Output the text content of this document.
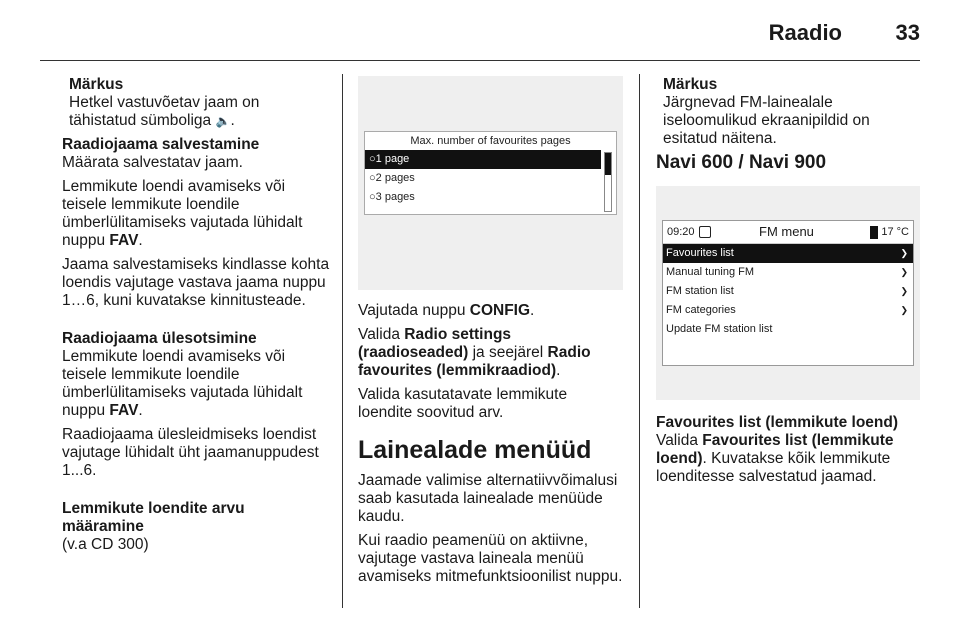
Raadio 33
Märkus

Hetkel vastuvõetav jaam on tähistatud sümboliga 🔈.

Raadiojaama salvestamine

Määrata salvestatav jaam.

Lemmikute loendi avamiseks või teisele lemmikute loendile ümberlülitamiseks vajutada lühidalt nuppu FAV.

Jaama salvestamiseks kindlasse kohta loendis vajutage vastava jaama nuppu 1…6, kuni kuvatakse kinnitusteade.

Raadiojaama ülesotsimine

Lemmikute loendi avamiseks või teisele lemmikute loendile ümberlülitamiseks vajutada lühidalt nuppu FAV.

Raadiojaama ülesleidmiseks loendist vajutage lühidalt üht jaamanuppudest 1...6.

Lemmikute loendite arvu määramine

(v.a CD 300)

Max. number of favourites pages
○1 page
○2 pages
○3 pages

Vajutada nuppu CONFIG.

Valida Radio settings (raadioseaded) ja seejärel Radio favourites (lemmikraadiod).

Valida kasutatavate lemmikute loendite soovitud arv.

Lainealade menüüd

Jaamade valimise alternatiivvõimalusi saab kasutada lainealade menüüde kaudu.

Kui raadio peamenüü on aktiivne, vajutage vastava laineala menüü avamiseks mitmefunktsioonilist nuppu.

Märkus

Järgnevad FM-lainealale iseloomulikud ekraanipildid on esitatud näitena.

Navi 600 / Navi 900
09:20	FM menu	17 °C
Favourites list	❯
Manual tuning FM	❯
FM station list	❯
FM categories	❯
Update FM station list
Favourites list (lemmikute loend)

Valida Favourites list (lemmikute loend). Kuvatakse kõik lemmikute loenditesse salvestatud jaamad.
